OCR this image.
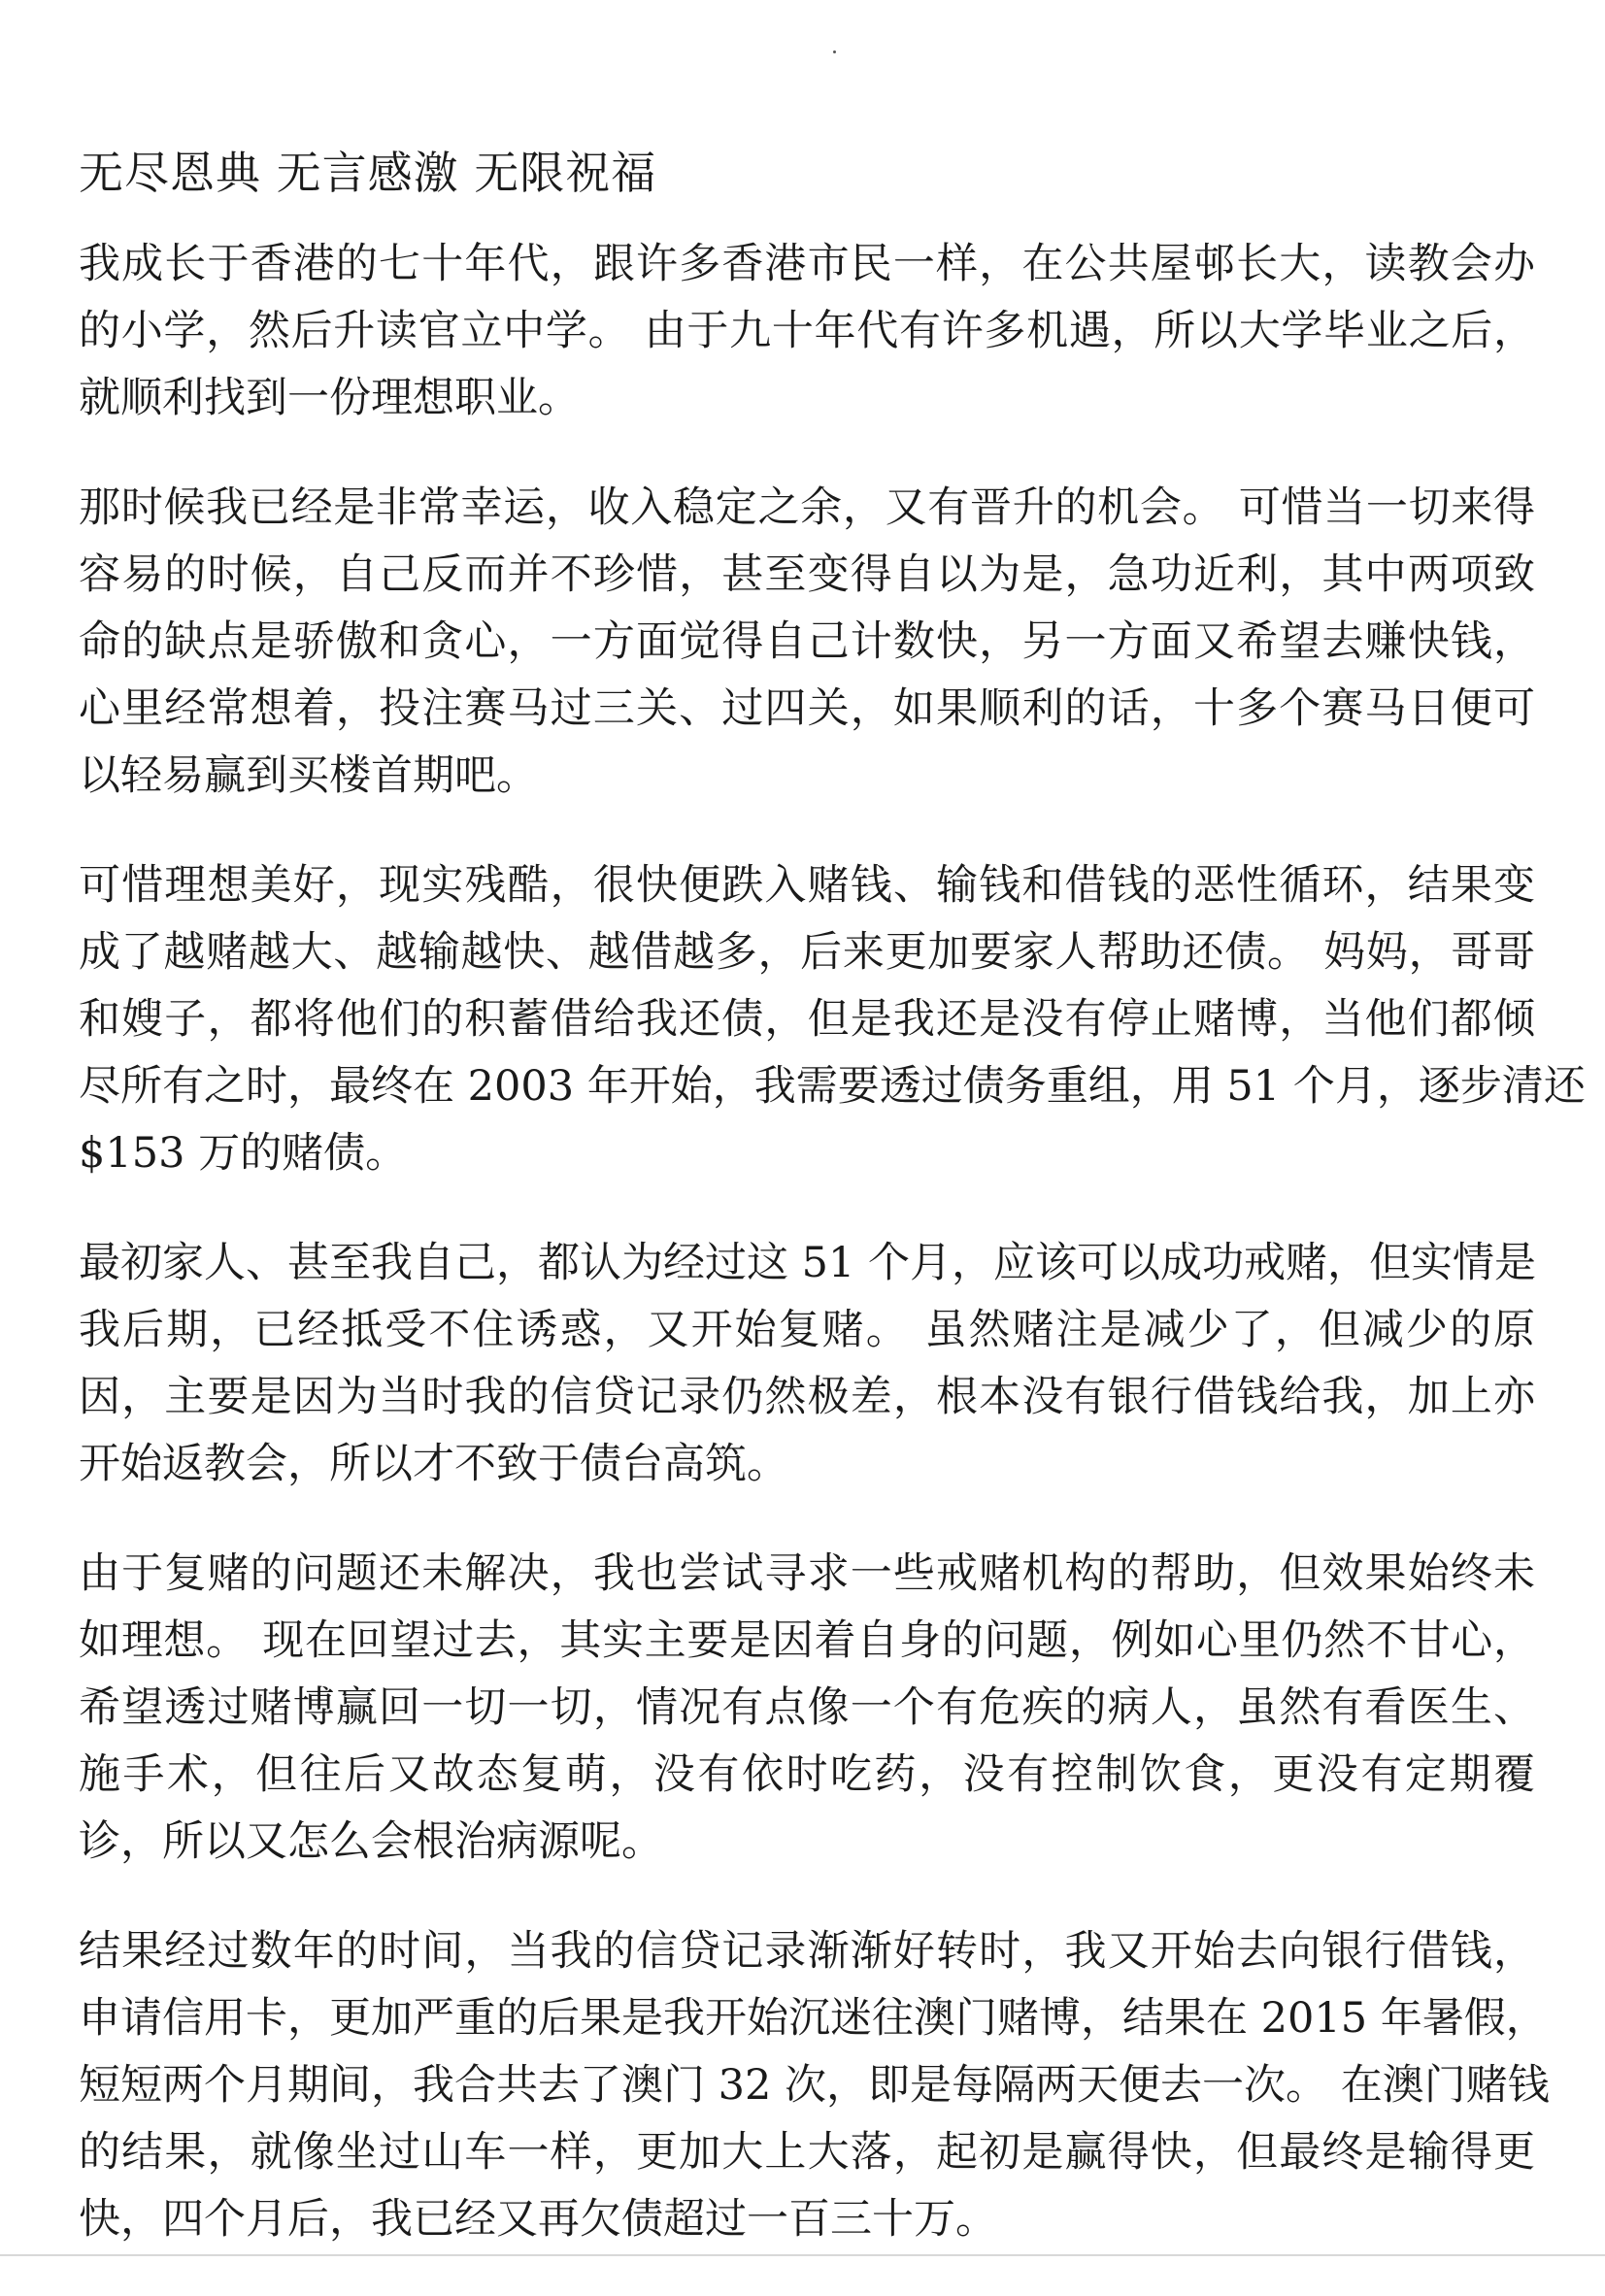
无尽恩典 无言感激 无限祝福
我成长于香港的七十年代，跟许多香港市民一样，在公共屋邨长大，读教会办
的小学，然后升读官立中学。 由于九十年代有许多机遇，所以大学毕业之后，
就顺利找到一份理想职业。
那时候我已经是非常幸运，收入稳定之余，又有晋升的机会。 可惜当一切来得
容易的时候，自己反而并不珍惜，甚至变得自以为是，急功近利，其中两项致
命的缺点是骄傲和贪心，一方面觉得自己计数快，另一方面又希望去赚快钱，
心里经常想着，投注赛马过三关、过四关，如果顺利的话，十多个赛马日便可
以轻易赢到买楼首期吧。
可惜理想美好，现实残酷，很快便跌入赌钱、输钱和借钱的恶性循环，结果变
成了越赌越大、越输越快、越借越多，后来更加要家人帮助还债。 妈妈，哥哥
和嫂子，都将他们的积蓄借给我还债，但是我还是没有停止赌博，当他们都倾
尽所有之时，最终在 2003 年开始，我需要透过债务重组，用 51 个月，逐步清还
$153 万的赌债。
最初家人、甚至我自己，都认为经过这 51 个月，应该可以成功戒赌，但实情是
我后期，已经抵受不住诱惑，又开始复赌。 虽然赌注是减少了，但减少的原
因，主要是因为当时我的信贷记录仍然极差，根本没有银行借钱给我，加上亦
开始返教会，所以才不致于债台高筑。
由于复赌的问题还未解决，我也尝试寻求一些戒赌机构的帮助，但效果始终未
如理想。 现在回望过去，其实主要是因着自身的问题，例如心里仍然不甘心，
希望透过赌博赢回一切一切，情况有点像一个有危疾的病人，虽然有看医生、
施手术，但往后又故态复萌，没有依时吃药，没有控制饮食，更没有定期覆
诊，所以又怎么会根治病源呢。
结果经过数年的时间，当我的信贷记录渐渐好转时，我又开始去向银行借钱，
申请信用卡，更加严重的后果是我开始沉迷往澳门赌博，结果在 2015 年暑假，
短短两个月期间，我合共去了澳门 32 次，即是每隔两天便去一次。 在澳门赌钱
的结果，就像坐过山车一样，更加大上大落，起初是赢得快，但最终是输得更
快，四个月后，我已经又再欠债超过一百三十万。
